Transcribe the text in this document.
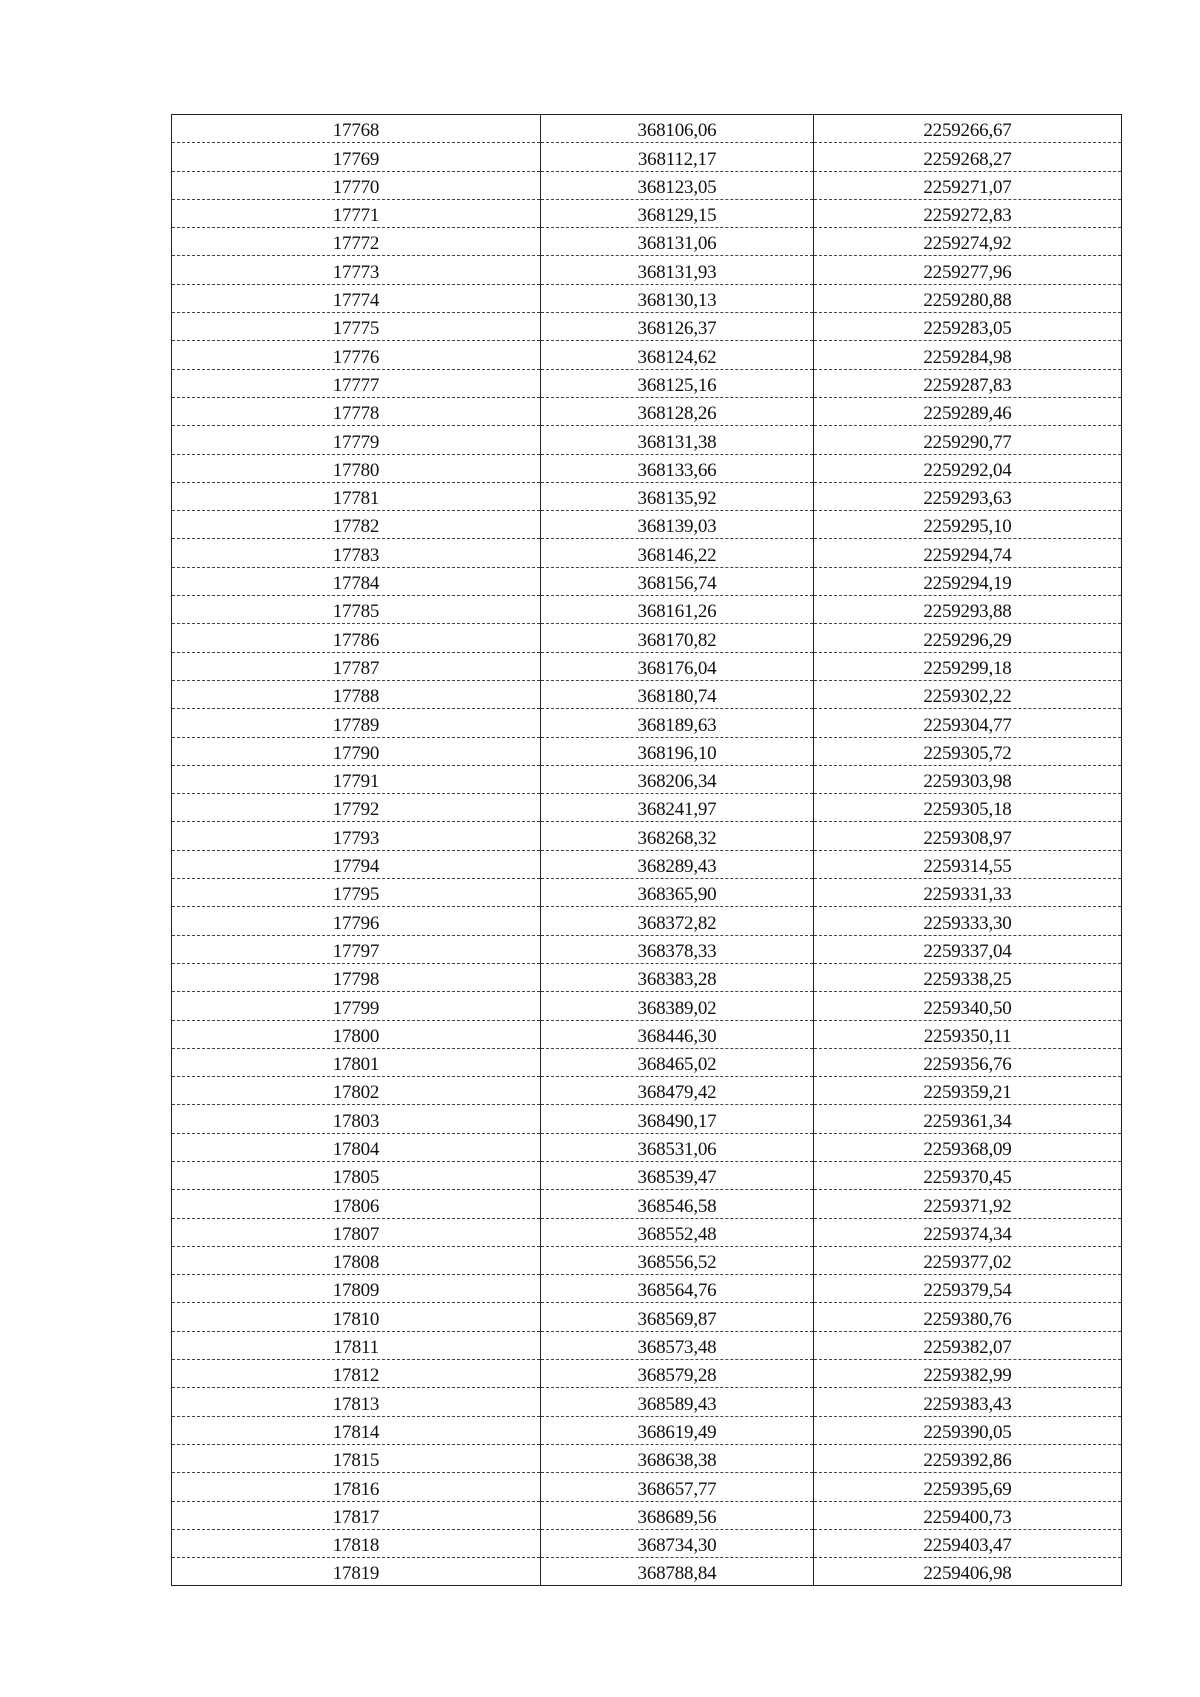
17768	368106,06	2259266,67
17769	368112,17	2259268,27
17770	368123,05	2259271,07
17771	368129,15	2259272,83
17772	368131,06	2259274,92
17773	368131,93	2259277,96
17774	368130,13	2259280,88
17775	368126,37	2259283,05
17776	368124,62	2259284,98
17777	368125,16	2259287,83
17778	368128,26	2259289,46
17779	368131,38	2259290,77
17780	368133,66	2259292,04
17781	368135,92	2259293,63
17782	368139,03	2259295,10
17783	368146,22	2259294,74
17784	368156,74	2259294,19
17785	368161,26	2259293,88
17786	368170,82	2259296,29
17787	368176,04	2259299,18
17788	368180,74	2259302,22
17789	368189,63	2259304,77
17790	368196,10	2259305,72
17791	368206,34	2259303,98
17792	368241,97	2259305,18
17793	368268,32	2259308,97
17794	368289,43	2259314,55
17795	368365,90	2259331,33
17796	368372,82	2259333,30
17797	368378,33	2259337,04
17798	368383,28	2259338,25
17799	368389,02	2259340,50
17800	368446,30	2259350,11
17801	368465,02	2259356,76
17802	368479,42	2259359,21
17803	368490,17	2259361,34
17804	368531,06	2259368,09
17805	368539,47	2259370,45
17806	368546,58	2259371,92
17807	368552,48	2259374,34
17808	368556,52	2259377,02
17809	368564,76	2259379,54
17810	368569,87	2259380,76
17811	368573,48	2259382,07
17812	368579,28	2259382,99
17813	368589,43	2259383,43
17814	368619,49	2259390,05
17815	368638,38	2259392,86
17816	368657,77	2259395,69
17817	368689,56	2259400,73
17818	368734,30	2259403,47
17819	368788,84	2259406,98
